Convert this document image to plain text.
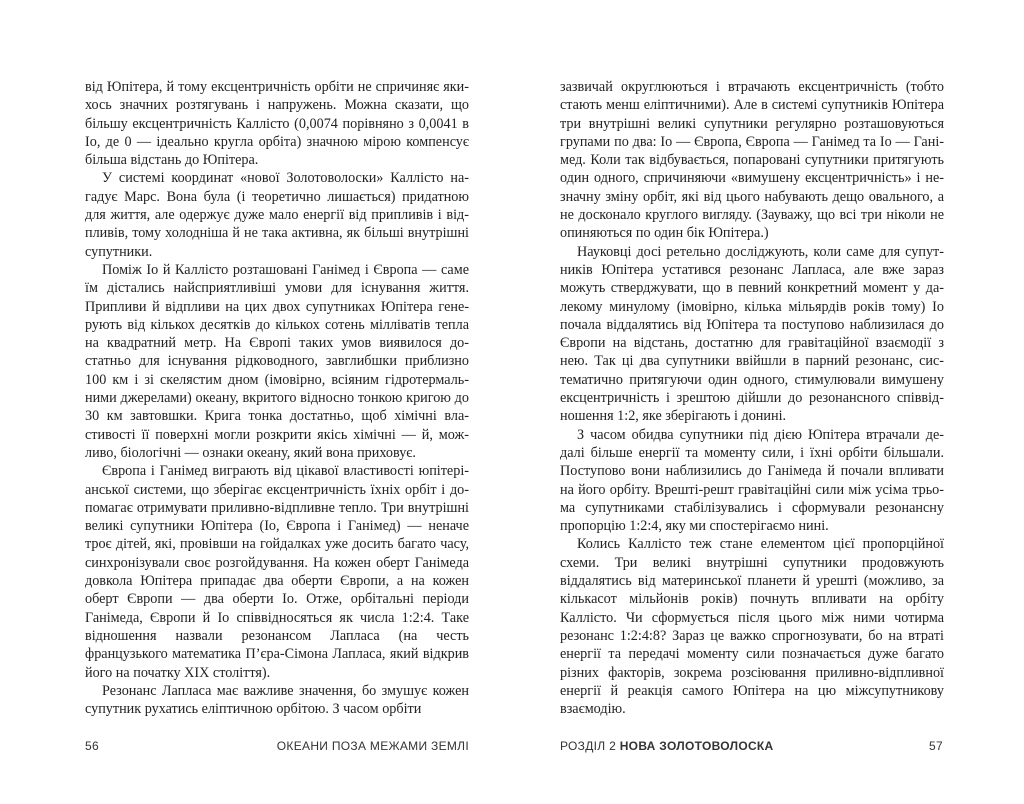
від Юпітера, й тому ексцентричність орбіти не спричиняє якихось значних розтягувань і напружень. Можна сказати, що більшу ексцентричність Калліcто (0,0074 порівняно з 0,0041 в Іо, де 0 — ідеально кругла орбіта) значною мірою компенсує більша відстань до Юпітера.

У системі координат «нової Золотоволоски» Каллісто нагадує Марс. Вона була (і теоретично лишається) придатною для життя, але одержує дуже мало енергії від припливів і відпливів, тому холодніша й не така активна, як більші внутрішні супутники.

Поміж Іо й Каллісто розташовані Ганімед і Європа — саме їм дістались найсприятливіші умови для існування життя. Припливи й відпливи на цих двох супутниках Юпітера генерують від кількох десятків до кількох сотень мілліватів тепла на квадратний метр. На Європі таких умов виявилося достатньо для існування рідководного, завглибшки приблизно 100 км і зі скелястим дном (імовірно, всіяним гідротермальними джерелами) океану, вкритого відносно тонкою кригою до 30 км завтовшки. Крига тонка достатньо, щоб хімічні властивості її поверхні могли розкрити якісь хімічні — й, можливо, біологічні — ознаки океану, який вона приховує.

Європа і Ганімед виграють від цікавої властивості юпітеріанської системи, що зберігає ексцентричність їхніх орбіт і допомагає отримувати приливно-відпливне тепло. Три внутрішні великі супутники Юпітера (Іо, Європа і Ганімед) — неначе троє дітей, які, провівши на гойдалках уже досить багато часу, синхронізували своє розгойдування. На кожен оберт Ганімеда довкола Юпітера припадає два оберти Європи, а на кожен оберт Європи — два оберти Іо. Отже, орбітальні періоди Ганімеда, Європи й Іо співвідносяться як числа 1:2:4. Таке відношення назвали резонансом Лапласа (на честь французького математика П’єра-Сімона Лапласа, який відкрив його на початку XIX століття).

Резонанс Лапласа має важливе значення, бо змушує кожен супутник рухатись еліптичною орбітою. З часом орбіти

зазвичай округлюються і втрачають ексцентричність (тобто стають менш еліптичними). Але в системі супутників Юпітера три внутрішні великі супутники регулярно розташовуються групами по два: Іо — Європа, Європа — Ганімед та Іо — Ганімед. Коли так відбувається, попаровані супутники притягують один одного, спричиняючи «вимушену ексцентричність» і незначну зміну орбіт, які від цього набувають дещо овального, а не досконало круглого вигляду. (Зауважу, що всі три ніколи не опиняються по один бік Юпітера.)

Науковці досі ретельно досліджують, коли саме для супутників Юпітера устатився резонанс Лапласа, але вже зараз можуть стверджувати, що в певний конкретний момент у далекому минулому (імовірно, кілька мільярдів років тому) Іо почала віддалятись від Юпітера та поступово наблизилася до Європи на відстань, достатню для гравітаційної взаємодії з нею. Так ці два супутники ввійшли в парний резонанс, систематично притягуючи один одного, стимулювали вимушену ексцентричність і зрештою дійшли до резонансного співвідношення 1:2, яке зберігають і донині.

З часом обидва супутники під дією Юпітера втрачали дедалі більше енергії та моменту сили, і їхні орбіти більшали. Поступово вони наблизились до Ганімеда й почали впливати на його орбіту. Врешті-решт гравітаційні сили між усіма трьома супутниками стабілізувались і сформували резонансну пропорцію 1:2:4, яку ми спостерігаємо нині.

Колись Каллісто теж стане елементом цієї пропорційної схеми. Три великі внутрішні супутники продовжують віддалятись від материнської планети й урешті (можливо, за кількасот мільйонів років) почнуть впливати на орбіту Каллісто. Чи сформується після цього між ними чотирма резонанс 1:2:4:8? Зараз це важко спрогнозувати, бо на втраті енергії та передачі моменту сили позначається дуже багато різних факторів, зокрема розсіювання приливно-відпливної енергії й реакція самого Юпітера на цю міжсупутникову взаємодію.

56	ОКЕАНИ ПОЗА МЕЖАМИ ЗЕМЛІ	РОЗДІЛ 2 НОВА ЗОЛОТОВОЛОСКА	57
